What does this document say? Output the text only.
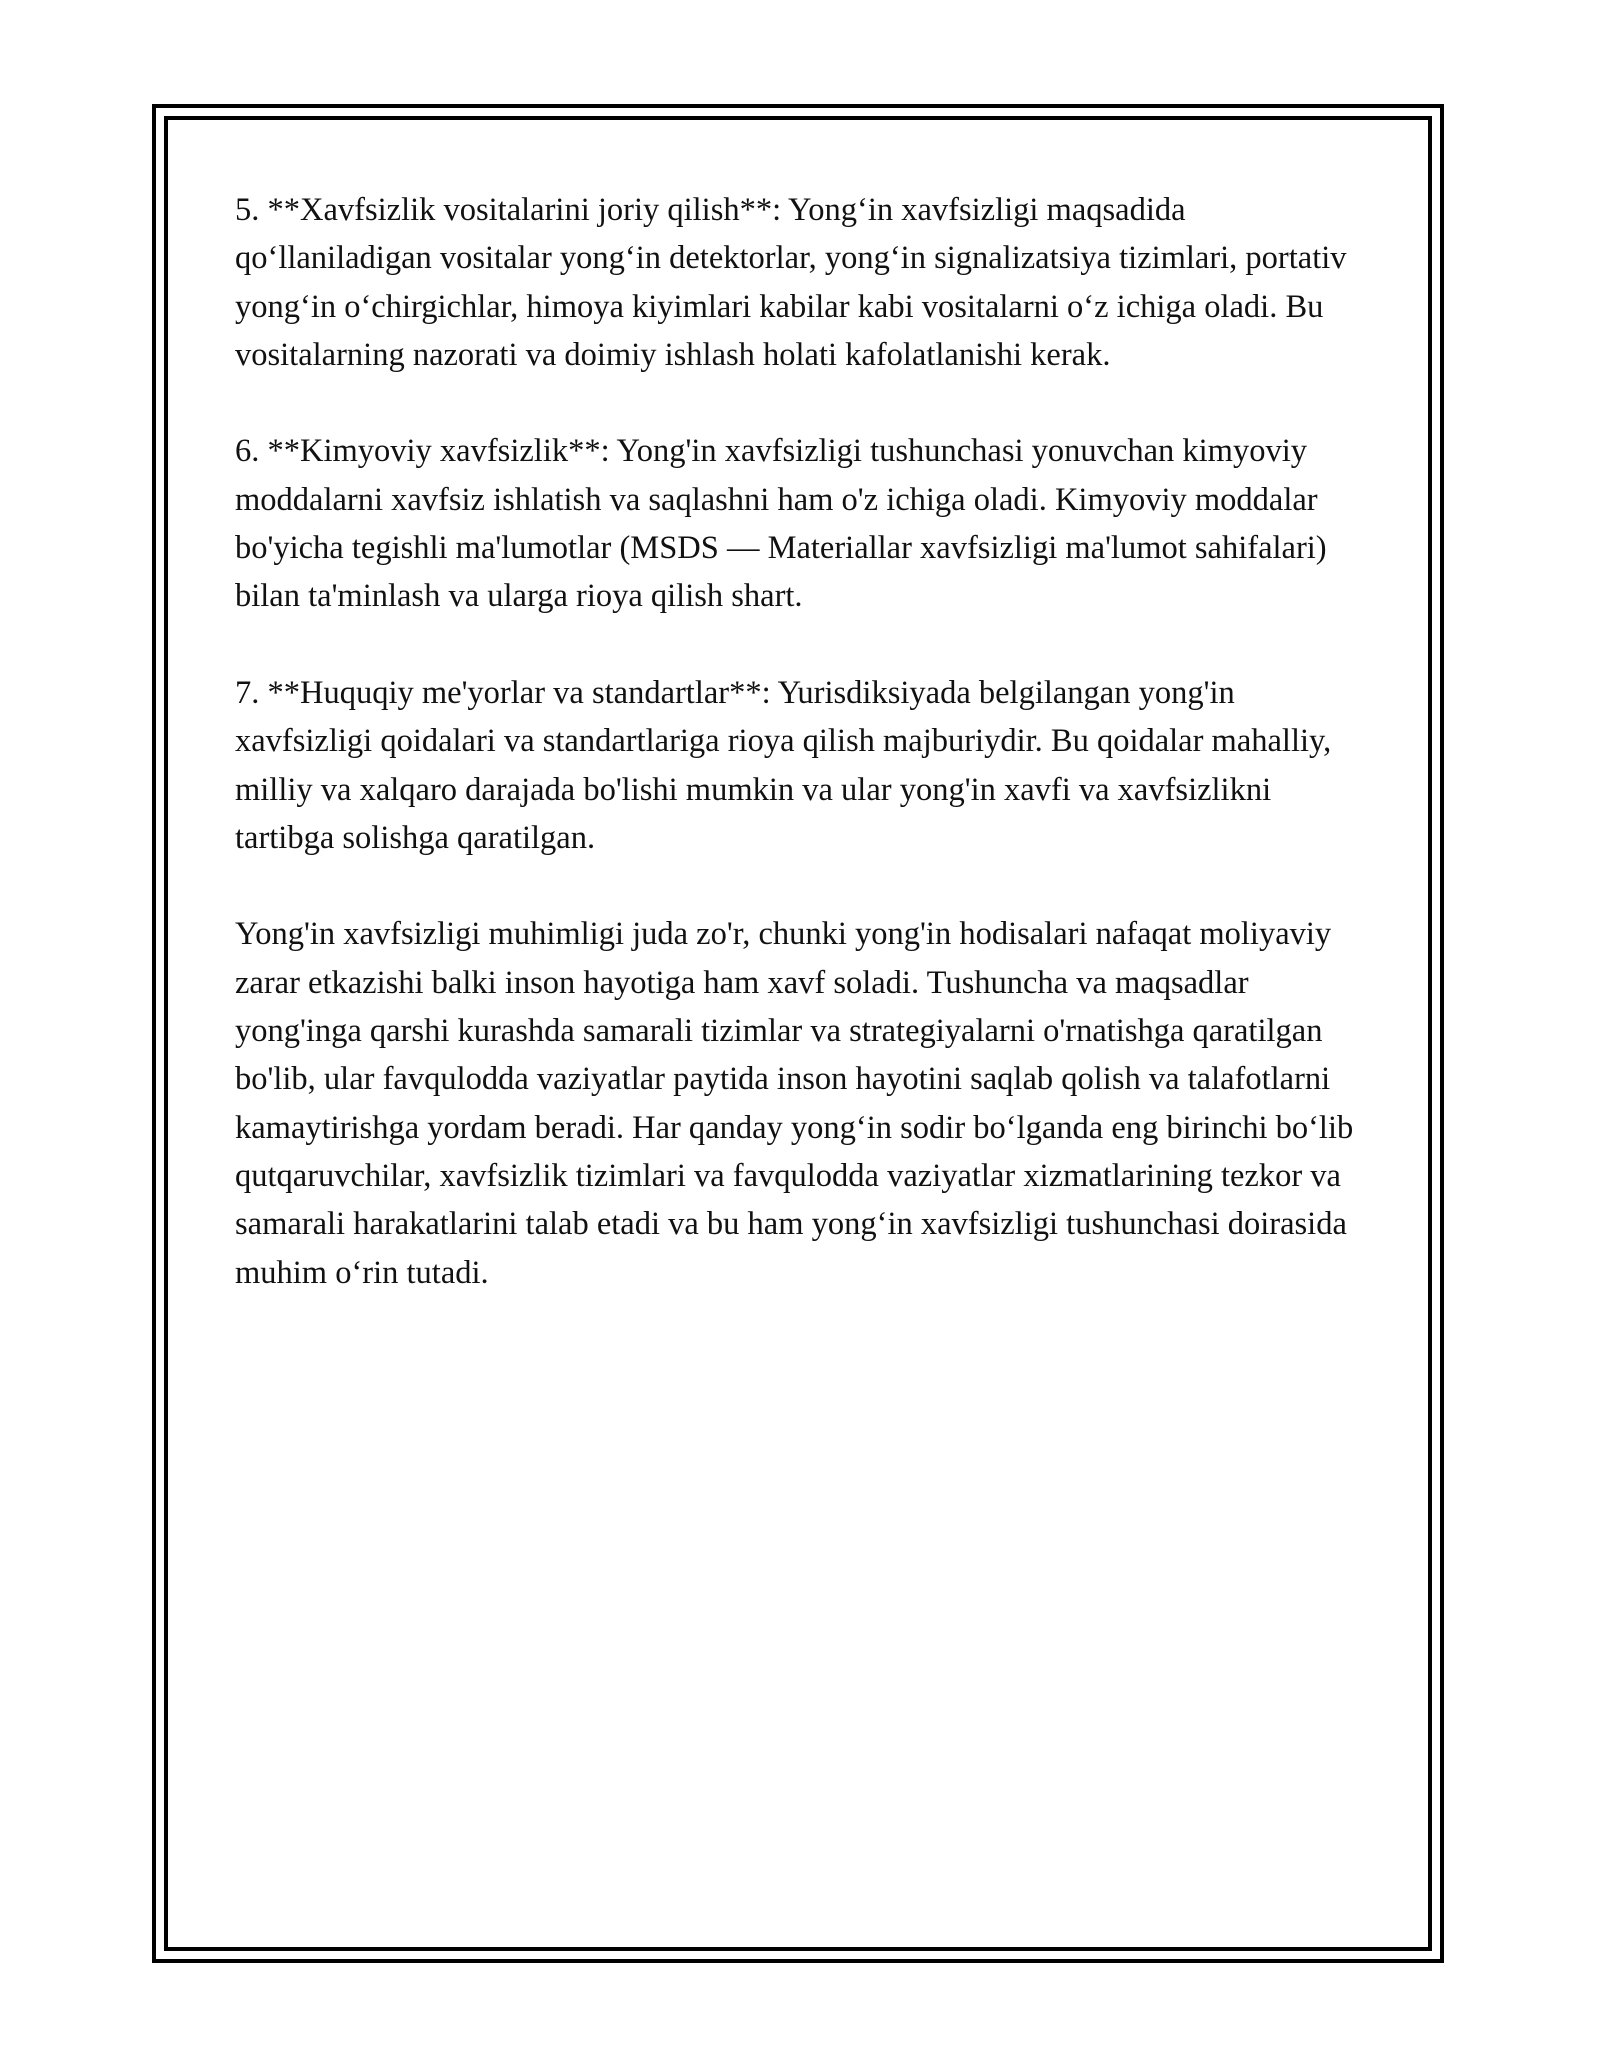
5. **Xavfsizlik vositalarini joriy qilish**: Yong‘in xavfsizligi maqsadida qo‘llaniladigan vositalar yong‘in detektorlar, yong‘in signalizatsiya tizimlari, portativ yong‘in o‘chirgichlar, himoya kiyimlari kabilar kabi vositalarni o‘z ichiga oladi. Bu vositalarning nazorati va doimiy ishlash holati kafolatlanishi kerak.

6. **Kimyoviy xavfsizlik**: Yong'in xavfsizligi tushunchasi yonuvchan kimyoviy moddalarni xavfsiz ishlatish va saqlashni ham o'z ichiga oladi. Kimyoviy moddalar bo'yicha tegishli ma'lumotlar (MSDS — Materiallar xavfsizligi ma'lumot sahifalari) bilan ta'minlash va ularga rioya qilish shart.

7. **Huquqiy me'yorlar va standartlar**: Yurisdiksiyada belgilangan yong'in xavfsizligi qoidalari va standartlariga rioya qilish majburiydir. Bu qoidalar mahalliy, milliy va xalqaro darajada bo'lishi mumkin va ular yong'in xavfi va xavfsizlikni tartibga solishga qaratilgan.

Yong'in xavfsizligi muhimligi juda zo'r, chunki yong'in hodisalari nafaqat moliyaviy zarar etkazishi balki inson hayotiga ham xavf soladi. Tushuncha va maqsadlar yong'inga qarshi kurashda samarali tizimlar va strategiyalarni o'rnatishga qaratilgan bo'lib, ular favqulodda vaziyatlar paytida inson hayotini saqlab qolish va talafotlarni kamaytirishga yordam beradi. Har qanday yong‘in sodir bo‘lganda eng birinchi bo‘lib qutqaruvchilar, xavfsizlik tizimlari va favqulodda vaziyatlar xizmatlarining tezkor va samarali harakatlarini talab etadi va bu ham yong‘in xavfsizligi tushunchasi doirasida muhim o‘rin tutadi.
